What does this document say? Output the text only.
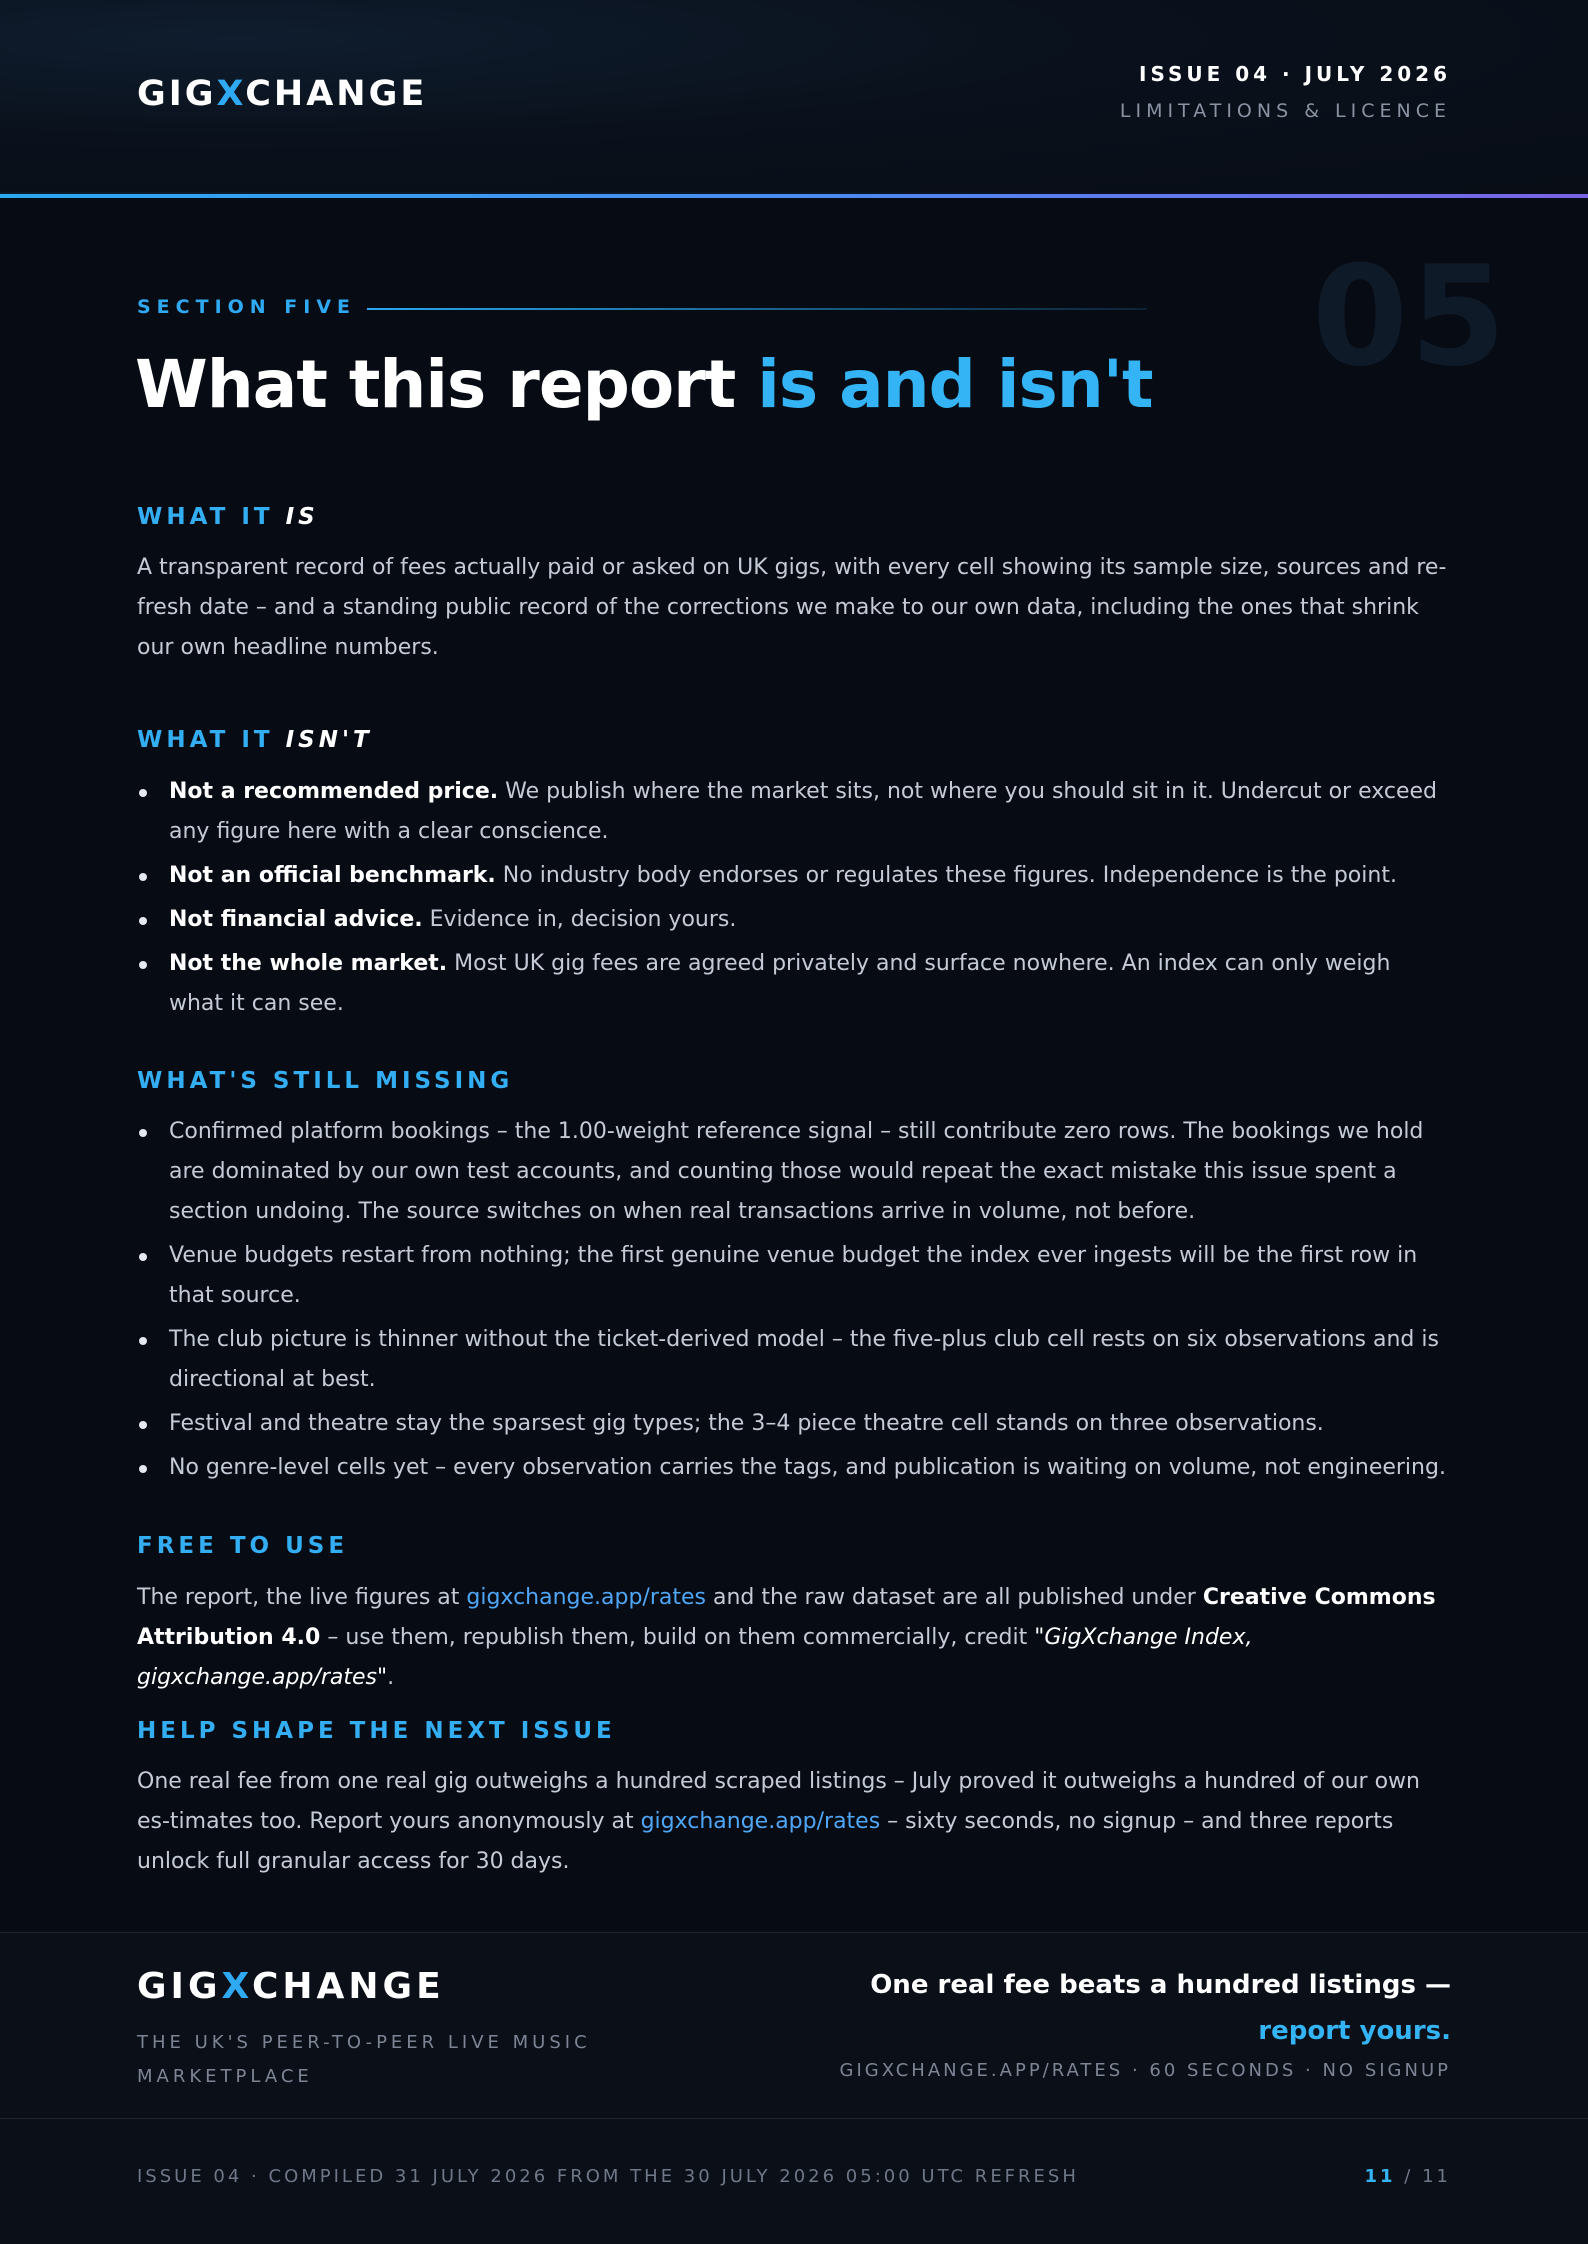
GIGXCHANGE	ISSUE 04 · JULY 2026
LIMITATIONS & LICENCE
05
SECTION FIVE
What this report is and isn't
WHAT IT IS

A transparent record of fees actually paid or asked on UK gigs, with every cell showing its sample size, sources and re-fresh date – and a standing public record of the corrections we make to our own data, including the ones that shrink our own headline numbers.

WHAT IT ISN'T
Not a recommended price. We publish where the market sits, not where you should sit in it. Undercut or exceed any figure here with a clear conscience.
Not an official benchmark. No industry body endorses or regulates these figures. Independence is the point.
Not financial advice. Evidence in, decision yours.
Not the whole market. Most UK gig fees are agreed privately and surface nowhere. An index can only weigh what it can see.
WHAT'S STILL MISSING
Confirmed platform bookings – the 1.00-weight reference signal – still contribute zero rows. The bookings we hold are dominated by our own test accounts, and counting those would repeat the exact mistake this issue spent a section undoing. The source switches on when real transactions arrive in volume, not before.
Venue budgets restart from nothing; the first genuine venue budget the index ever ingests will be the first row in that source.
The club picture is thinner without the ticket-derived model – the five-plus club cell rests on six observations and is directional at best.
Festival and theatre stay the sparsest gig types; the 3–4 piece theatre cell stands on three observations.
No genre-level cells yet – every observation carries the tags, and publication is waiting on volume, not engineering.
FREE TO USE

The report, the live figures at gigxchange.app/rates and the raw dataset are all published under Creative Commons Attribution 4.0 – use them, republish them, build on them commercially, credit "GigXchange Index, gigxchange.app/rates".

HELP SHAPE THE NEXT ISSUE

One real fee from one real gig outweighs a hundred scraped listings – July proved it outweighs a hundred of our own es-timates too. Report yours anonymously at gigxchange.app/rates – sixty seconds, no signup – and three reports unlock full granular access for 30 days.

GIGXCHANGE
THE UK'S PEER-TO-PEER LIVE MUSIC MARKETPLACE
One real fee beats a hundred listings — report yours.
GIGXCHANGE.APP/RATES · 60 SECONDS · NO SIGNUP
ISSUE 04 · COMPILED 31 JULY 2026 FROM THE 30 JULY 2026 05:00 UTC REFRESH	11 / 11
